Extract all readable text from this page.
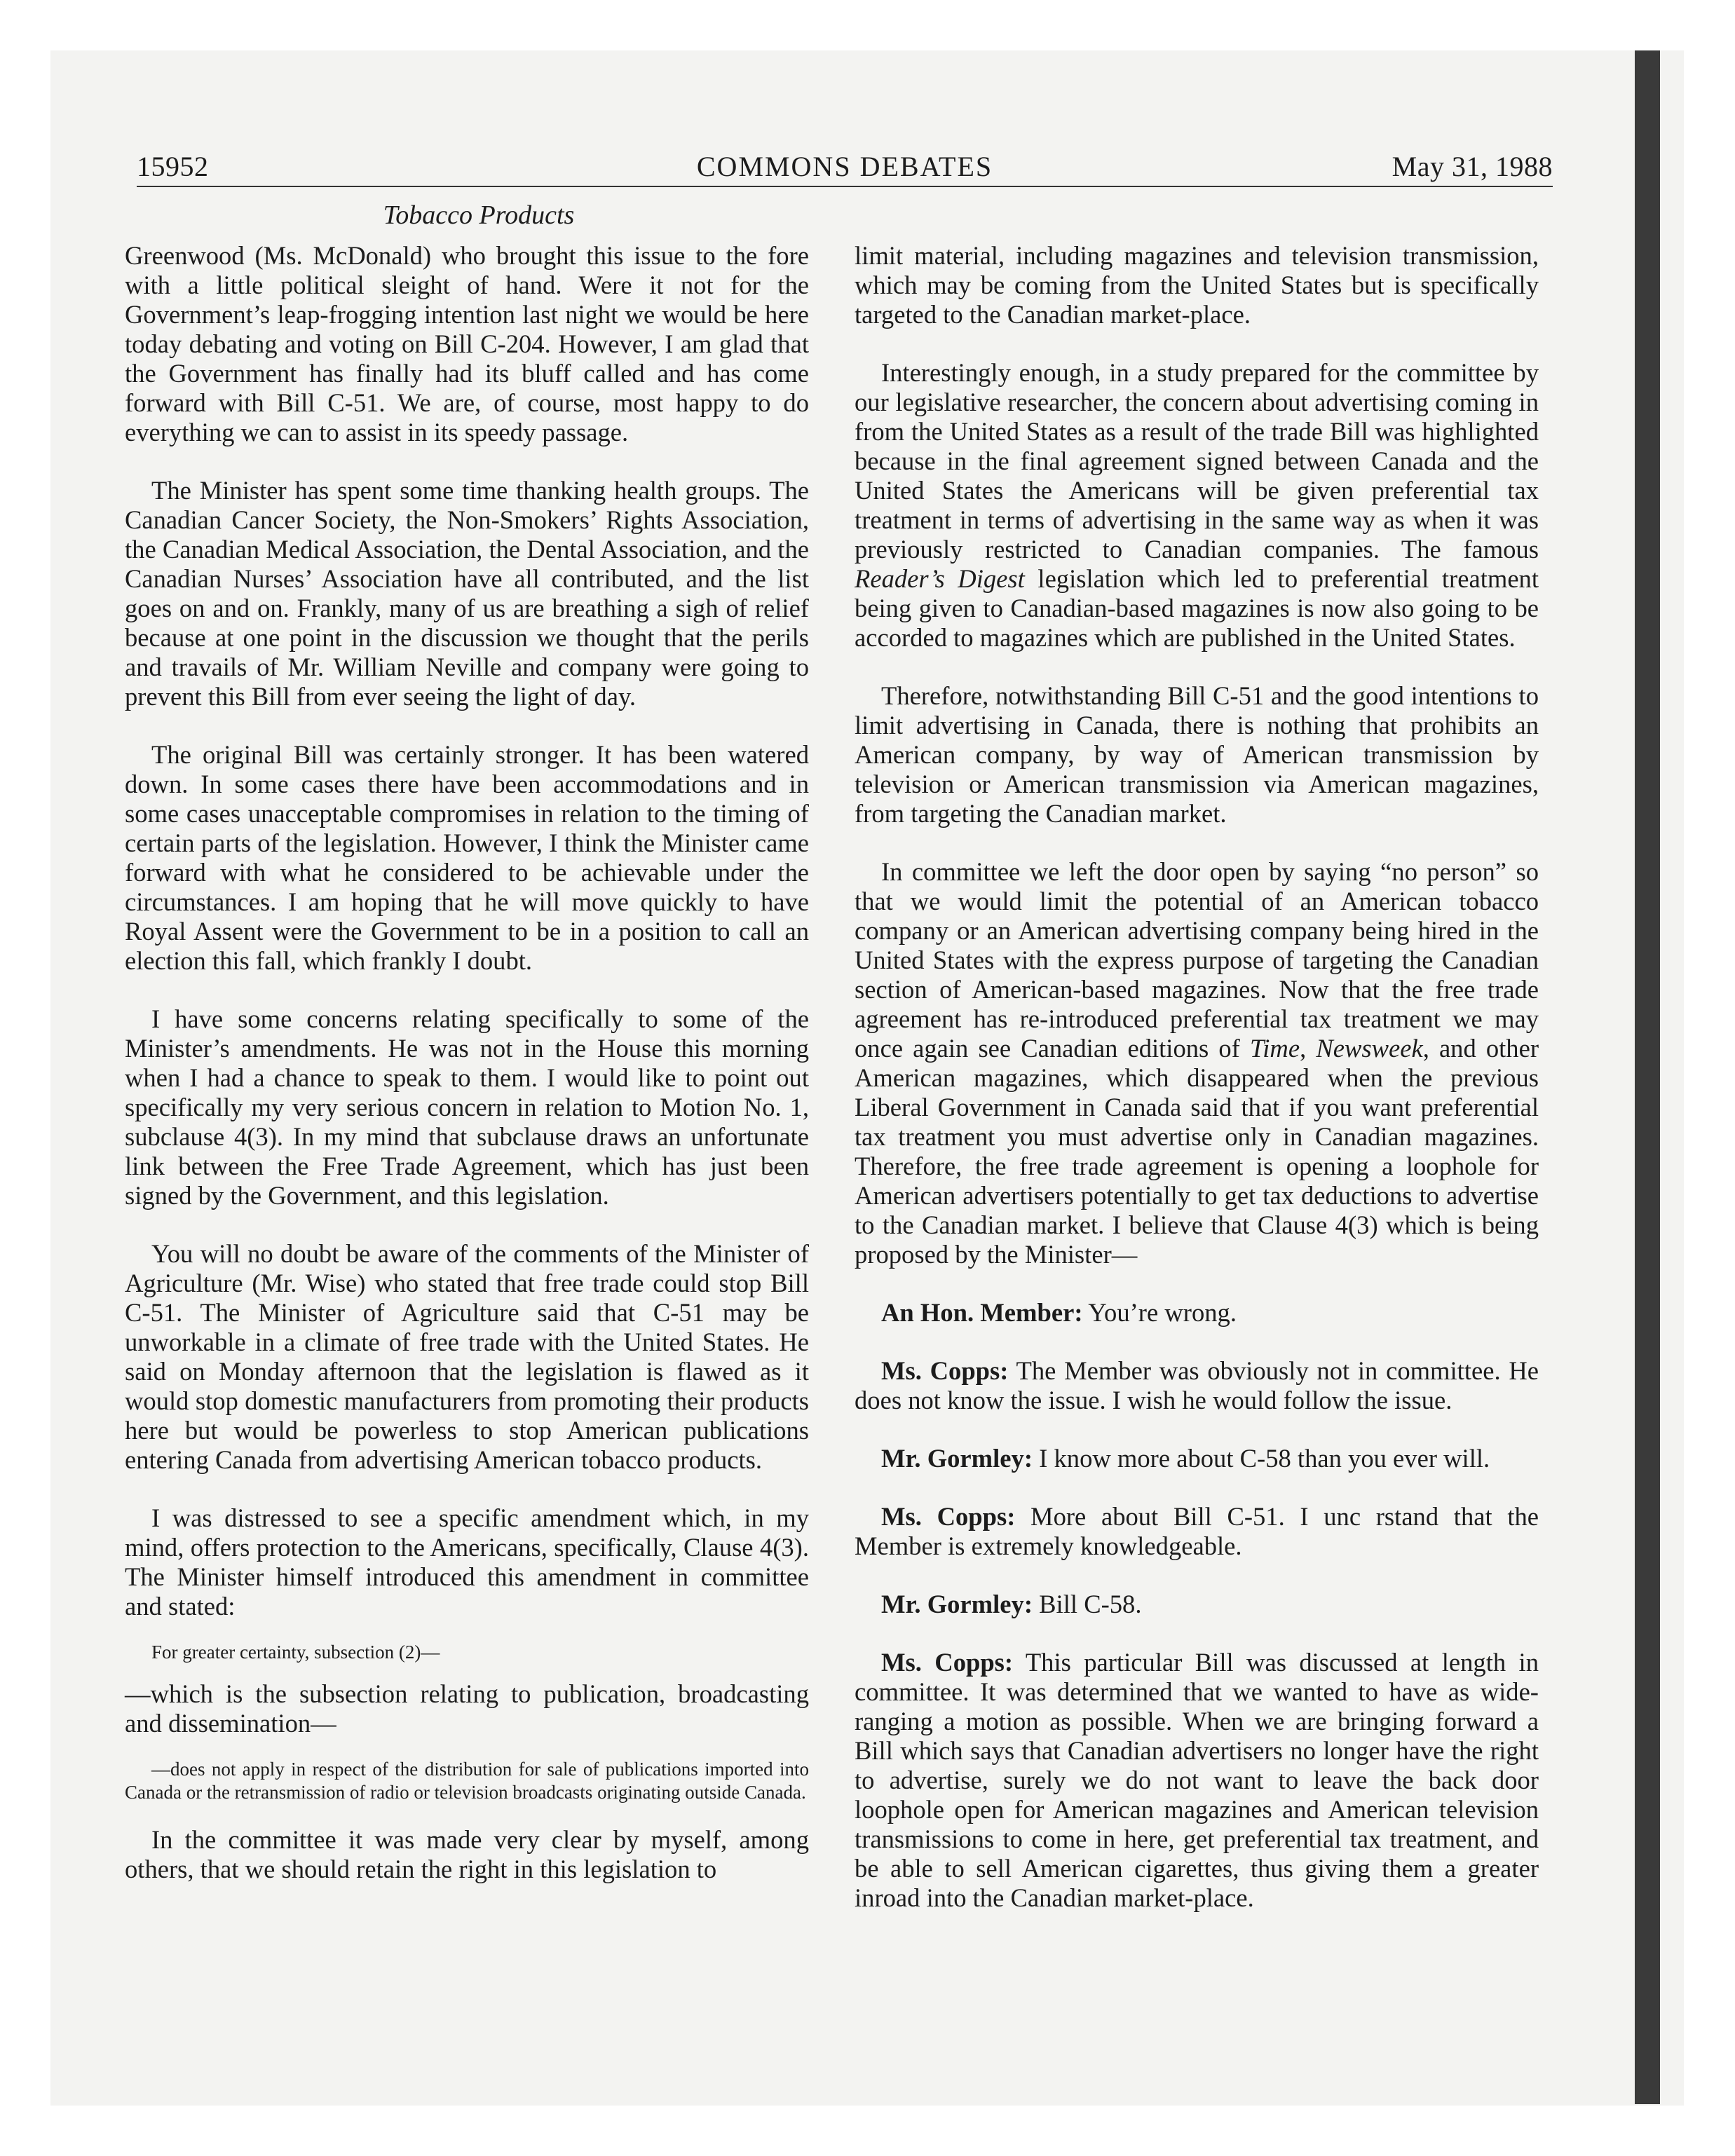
15952	COMMONS DEBATES	May 31, 1988
Tobacco Products

Greenwood (Ms. McDonald) who brought this issue to the fore with a little political sleight of hand. Were it not for the Government’s leap-frogging intention last night we would be here today debating and voting on Bill C-204. However, I am glad that the Government has finally had its bluff called and has come forward with Bill C-51. We are, of course, most happy to do everything we can to assist in its speedy passage.

The Minister has spent some time thanking health groups. The Canadian Cancer Society, the Non-Smokers’ Rights Association, the Canadian Medical Association, the Dental Association, and the Canadian Nurses’ Association have all contributed, and the list goes on and on. Frankly, many of us are breathing a sigh of relief because at one point in the discussion we thought that the perils and travails of Mr. William Neville and company were going to prevent this Bill from ever seeing the light of day.

The original Bill was certainly stronger. It has been watered down. In some cases there have been accommodations and in some cases unacceptable compromises in relation to the timing of certain parts of the legislation. However, I think the Minister came forward with what he considered to be achievable under the circumstances. I am hoping that he will move quickly to have Royal Assent were the Government to be in a position to call an election this fall, which frankly I doubt.

I have some concerns relating specifically to some of the Minister’s amendments. He was not in the House this morning when I had a chance to speak to them. I would like to point out specifically my very serious concern in relation to Motion No. 1, subclause 4(3). In my mind that subclause draws an unfortunate link between the Free Trade Agreement, which has just been signed by the Government, and this legislation.

You will no doubt be aware of the comments of the Minister of Agriculture (Mr. Wise) who stated that free trade could stop Bill C-51. The Minister of Agriculture said that C-51 may be unworkable in a climate of free trade with the United States. He said on Monday afternoon that the legislation is flawed as it would stop domestic manufacturers from promoting their products here but would be powerless to stop American publications entering Canada from advertising American tobacco products.

I was distressed to see a specific amendment which, in my mind, offers protection to the Americans, specifically, Clause 4(3). The Minister himself introduced this amendment in committee and stated:

For greater certainty, subsection (2)—

—which is the subsection relating to publication, broadcasting and dissemination—

—does not apply in respect of the distribution for sale of publications imported into Canada or the retransmission of radio or television broadcasts originating outside Canada.

In the committee it was made very clear by myself, among others, that we should retain the right in this legislation to

limit material, including magazines and television transmission, which may be coming from the United States but is specifically targeted to the Canadian market-place.

Interestingly enough, in a study prepared for the committee by our legislative researcher, the concern about advertising coming in from the United States as a result of the trade Bill was highlighted because in the final agreement signed between Canada and the United States the Americans will be given preferential tax treatment in terms of advertising in the same way as when it was previously restricted to Canadian companies. The famous Reader’s Digest legislation which led to preferential treatment being given to Canadian-based magazines is now also going to be accorded to magazines which are published in the United States.

Therefore, notwithstanding Bill C-51 and the good intentions to limit advertising in Canada, there is nothing that prohibits an American company, by way of American transmission by television or American transmission via American magazines, from targeting the Canadian market.

In committee we left the door open by saying “no person” so that we would limit the potential of an American tobacco company or an American advertising company being hired in the United States with the express purpose of targeting the Canadian section of American-based magazines. Now that the free trade agreement has re-introduced preferential tax treatment we may once again see Canadian editions of Time, Newsweek, and other American magazines, which disappeared when the previous Liberal Government in Canada said that if you want preferential tax treatment you must advertise only in Canadian magazines. Therefore, the free trade agreement is opening a loophole for American advertisers potentially to get tax deductions to advertise to the Canadian market. I believe that Clause 4(3) which is being proposed by the Minister—

An Hon. Member: You’re wrong.

Ms. Copps: The Member was obviously not in committee. He does not know the issue. I wish he would follow the issue.

Mr. Gormley: I know more about C-58 than you ever will.

Ms. Copps: More about Bill C-51. I unc rstand that the Member is extremely knowledgeable.

Mr. Gormley: Bill C-58.

Ms. Copps: This particular Bill was discussed at length in committee. It was determined that we wanted to have as wide-ranging a motion as possible. When we are bringing forward a Bill which says that Canadian advertisers no longer have the right to advertise, surely we do not want to leave the back door loophole open for American magazines and American television transmissions to come in here, get preferential tax treatment, and be able to sell American cigarettes, thus giving them a greater inroad into the Canadian market-place.
